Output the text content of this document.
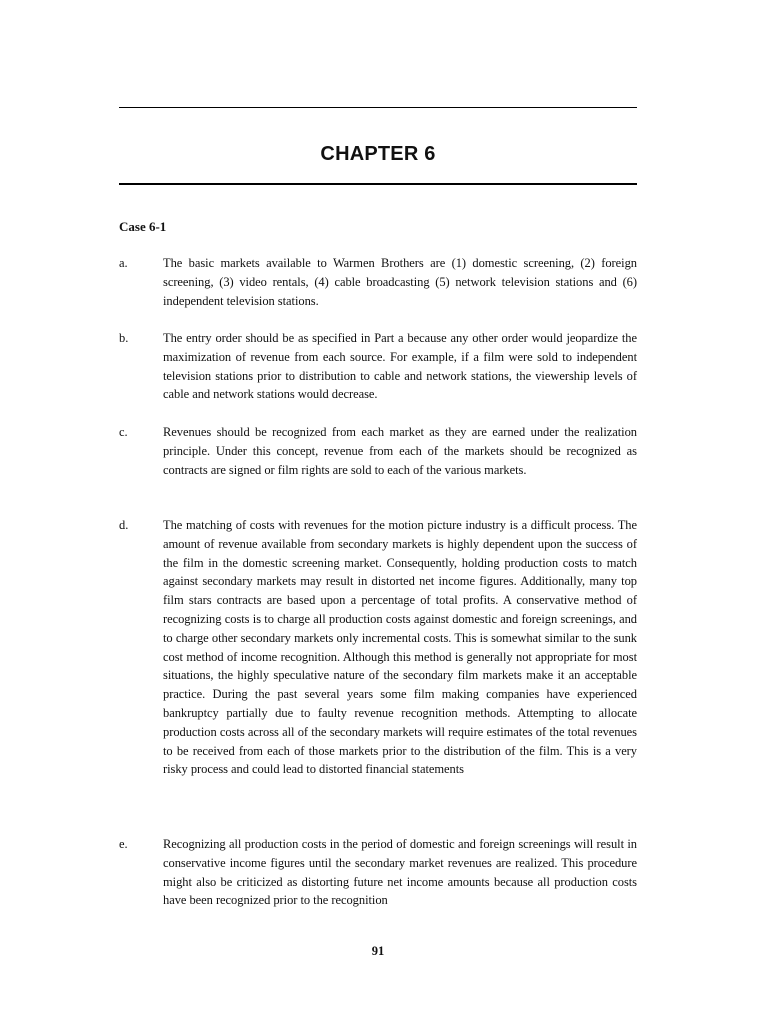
CHAPTER 6
Case 6-1
a.	The basic markets available to Warmen Brothers are (1) domestic screening, (2) foreign screening, (3) video rentals, (4) cable broadcasting (5) network television stations and (6) independent television stations.

b.	The entry order should be as specified in Part a because any other order would jeopardize the maximization of revenue from each source. For example, if a film were sold to independent television stations prior to distribution to cable and network stations, the viewership levels of cable and network stations would decrease.

c.	Revenues should be recognized from each market as they are earned under the realization principle. Under this concept, revenue from each of the markets should be recognized as contracts are signed or film rights are sold to each of the various markets.

d.	The matching of costs with revenues for the motion picture industry is a difficult process. The amount of revenue available from secondary markets is highly dependent upon the success of the film in the domestic screening market. Consequently, holding production costs to match against secondary markets may result in distorted net income figures. Additionally, many top film stars contracts are based upon a percentage of total profits. A conservative method of recognizing costs is to charge all production costs against domestic and foreign screenings, and to charge other secondary markets only incremental costs. This is somewhat similar to the sunk cost method of income recognition. Although this method is generally not appropriate for most situations, the highly speculative nature of the secondary film markets make it an acceptable practice. During the past several years some film making companies have experienced bankruptcy partially due to faulty revenue recognition methods. Attempting to allocate production costs across all of the secondary markets will require estimates of the total revenues to be received from each of those markets prior to the distribution of the film. This is a very risky process and could lead to distorted financial statements

e.	Recognizing all production costs in the period of domestic and foreign screenings will result in conservative income figures until the secondary market revenues are realized. This procedure might also be criticized as distorting future net income amounts because all production costs have been recognized prior to the recognition

91
